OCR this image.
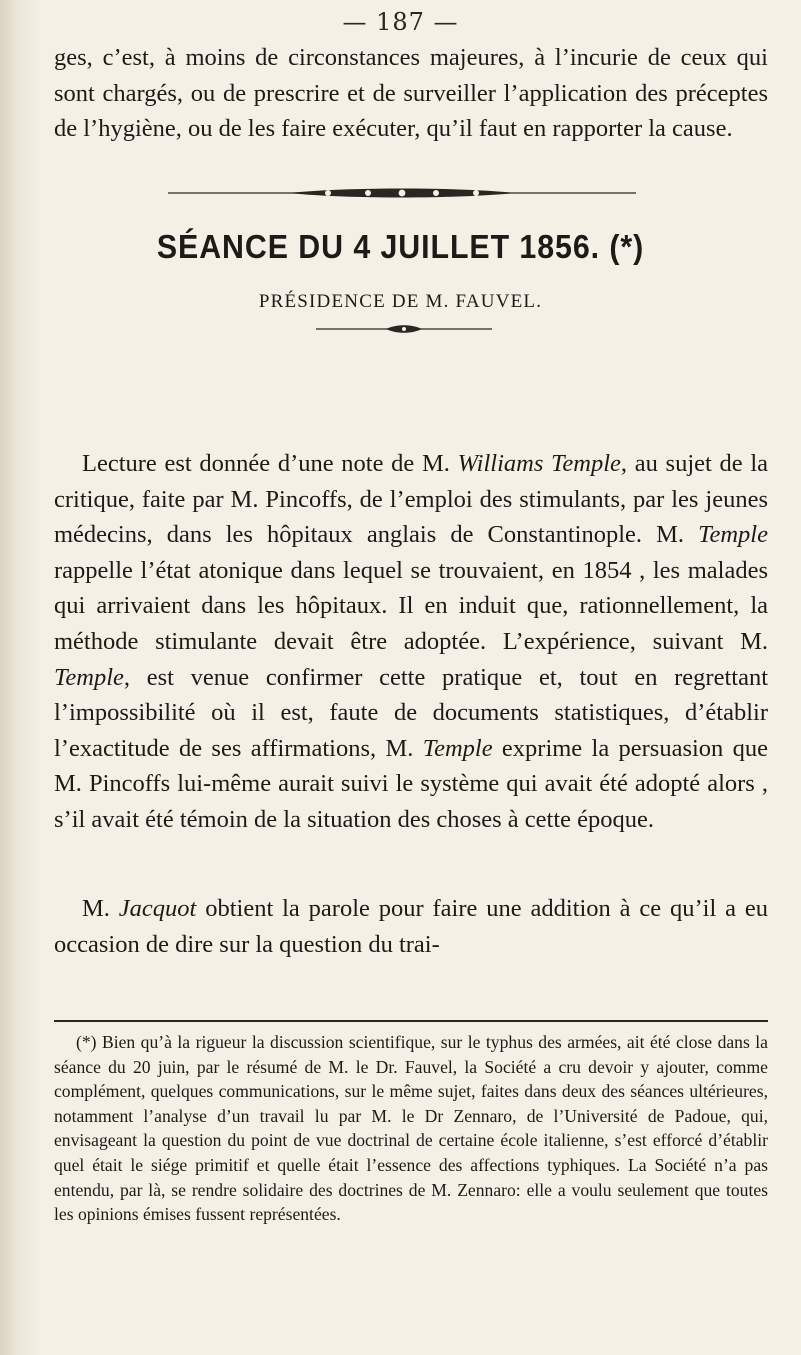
— 187 —

ges, c’est, à moins de circonstances majeures, à l’incurie de ceux qui sont chargés, ou de prescrire et de surveiller l’application des préceptes de l’hygiène, ou de les faire exécuter, qu’il faut en rapporter la cause.

SÉANCE DU 4 JUILLET 1856. (*)
PRÉSIDENCE DE M. FAUVEL.

Lecture est donnée d’une note de M. Williams Temple, au sujet de la critique, faite par M. Pincoffs, de l’emploi des stimulants, par les jeunes médecins, dans les hôpitaux anglais de Constantinople. M. Temple rappelle l’état atonique dans lequel se trouvaient, en 1854 , les malades qui arrivaient dans les hôpitaux. Il en induit que, rationnellement, la méthode stimulante devait être adoptée. L’expérience, suivant M. Temple, est venue confirmer cette pratique et, tout en regrettant l’impossibilité où il est, faute de documents statistiques, d’établir l’exactitude de ses affirmations, M. Temple exprime la persuasion que M. Pincoffs lui-même aurait suivi le système qui avait été adopté alors , s’il avait été témoin de la situation des choses à cette époque.

M. Jacquot obtient la parole pour faire une addition à ce qu’il a eu occasion de dire sur la question du trai-

(*) Bien qu’à la rigueur la discussion scientifique, sur le typhus des armées, ait été close dans la séance du 20 juin, par le résumé de M. le Dr. Fauvel, la Société a cru devoir y ajouter, comme complément, quelques communications, sur le même sujet, faites dans deux des séances ultérieures, notamment l’analyse d’un travail lu par M. le Dr Zennaro, de l’Université de Padoue, qui, envisageant la question du point de vue doctrinal de certaine école italienne, s’est efforcé d’établir quel était le siége primitif et quelle était l’essence des affections typhiques. La Société n’a pas entendu, par là, se rendre solidaire des doctrines de M. Zennaro: elle a voulu seulement que toutes les opinions émises fussent représentées.
